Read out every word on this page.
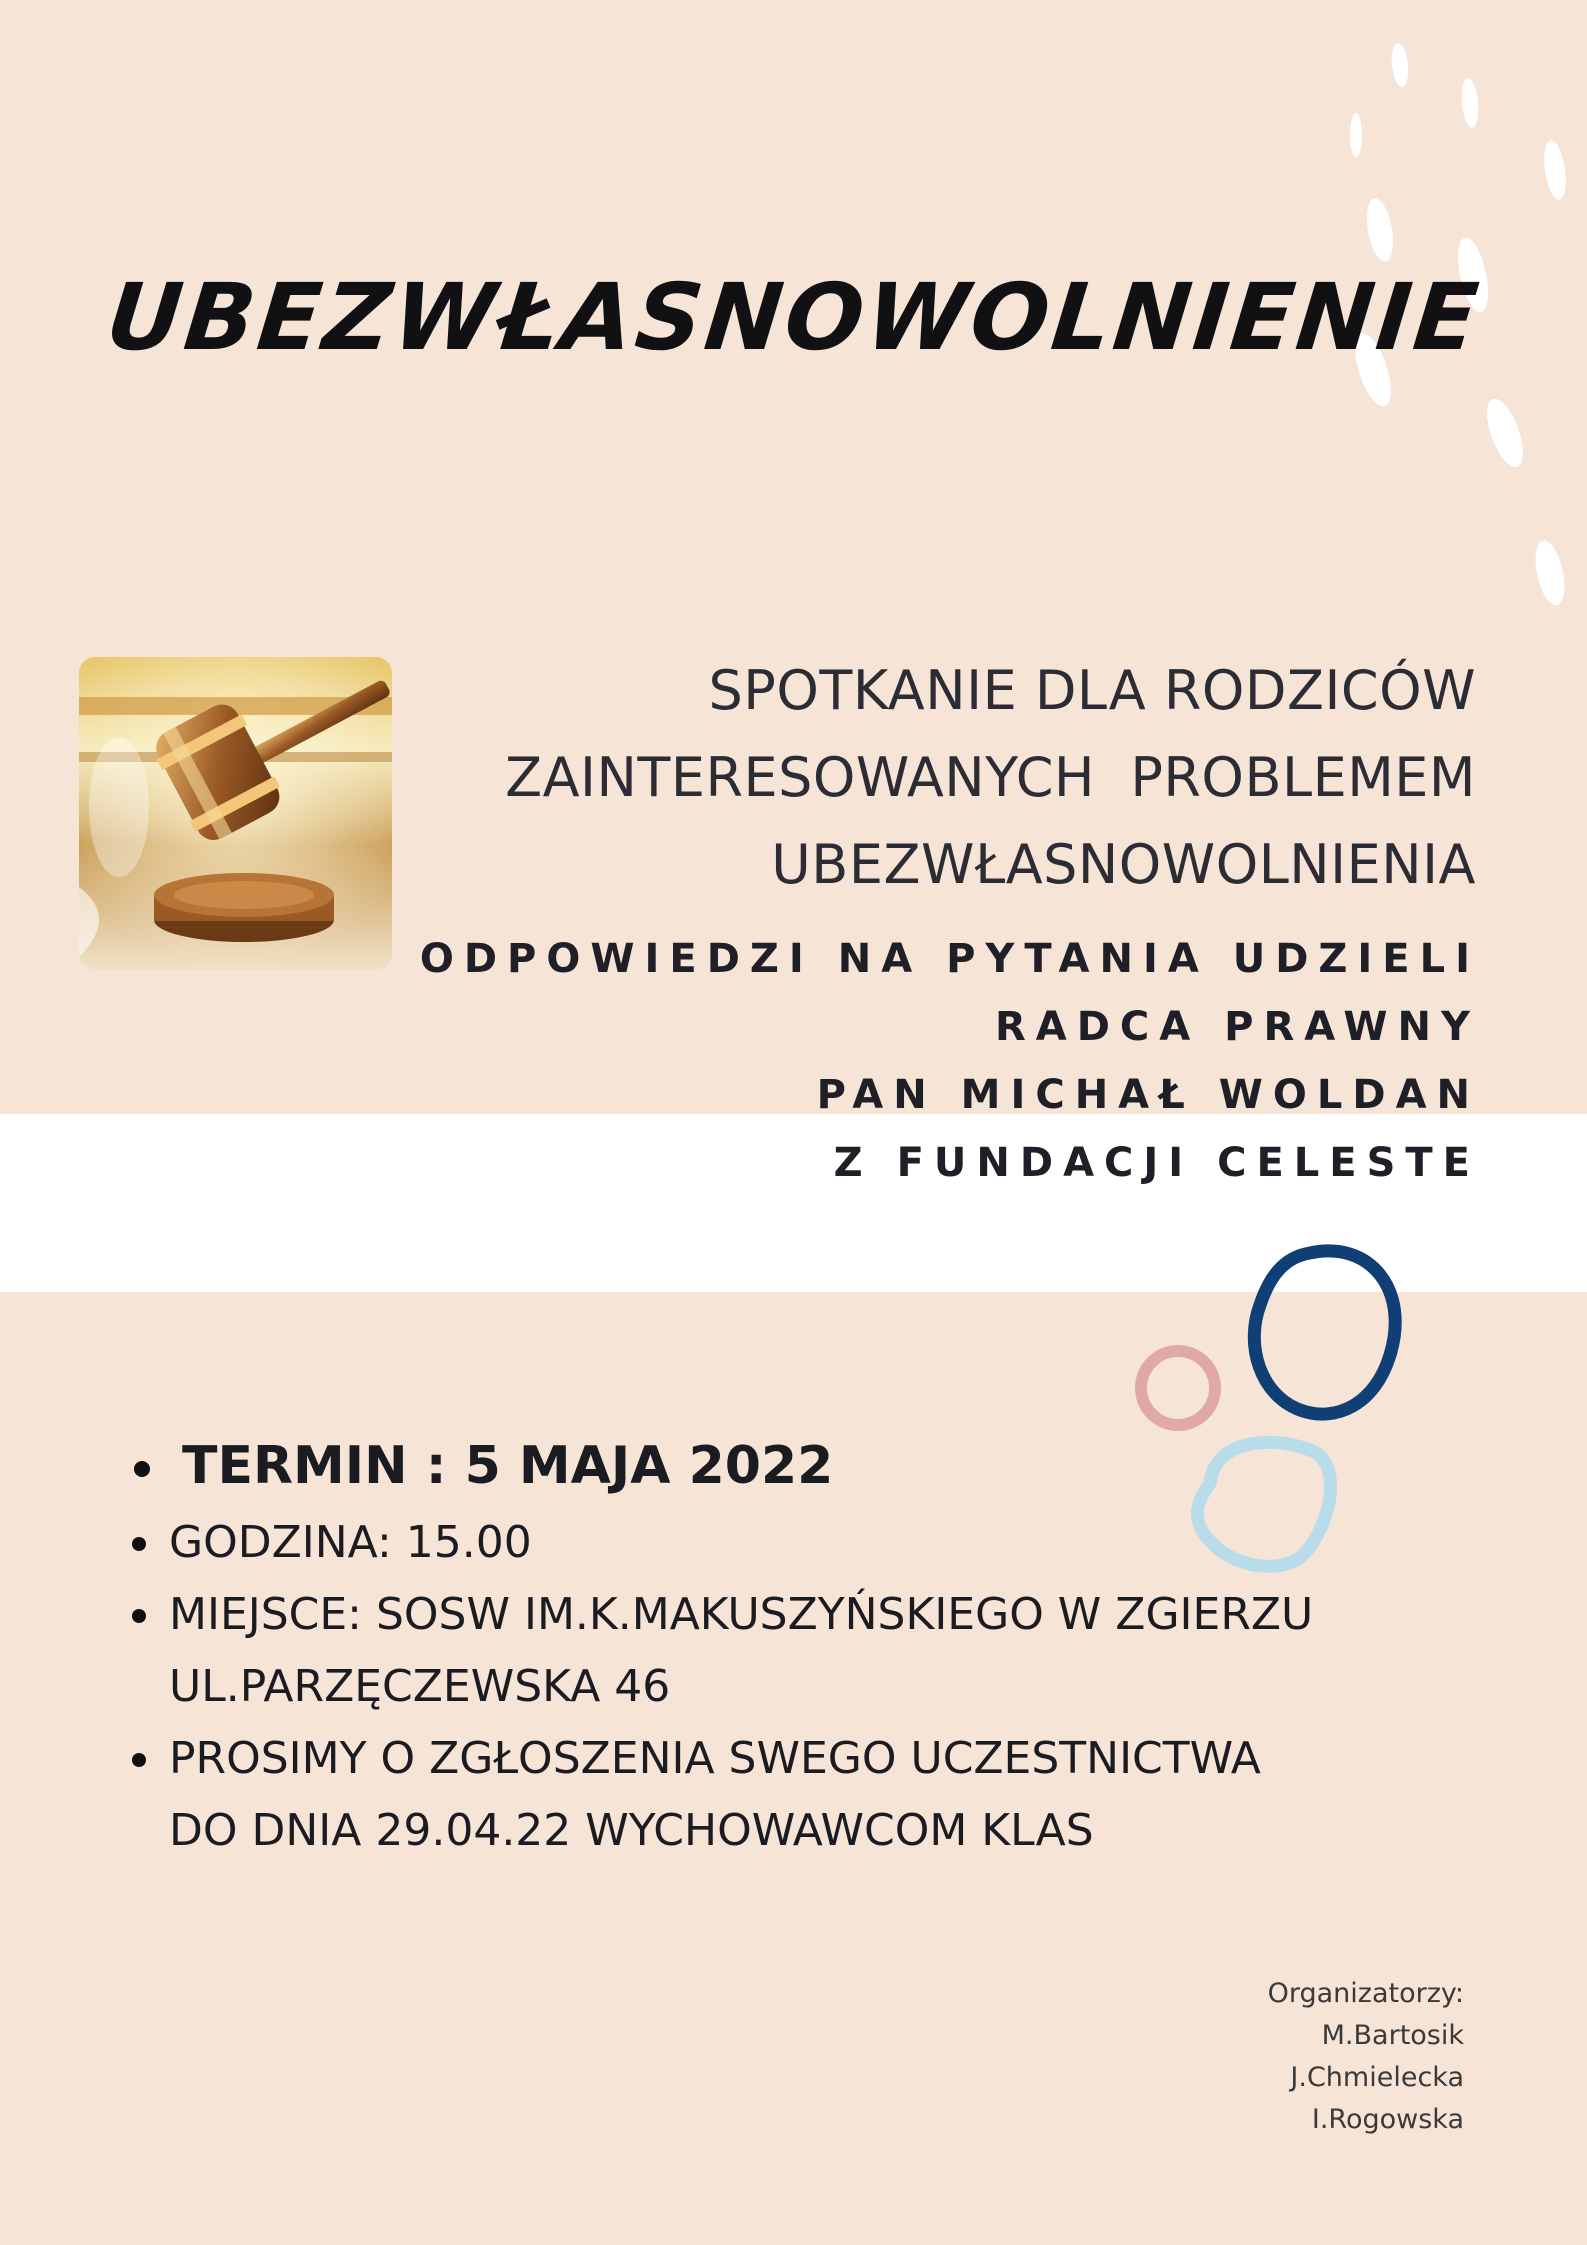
UBEZWŁASNOWOLNIENIE
SPOTKANIE DLA RODZICÓW
ZAINTERESOWANYCH  PROBLEMEM
UBEZWŁASNOWOLNIENIA
ODPOWIEDZI NA PYTANIA UDZIELI
RADCA PRAWNY
PAN MICHAŁ WOLDAN
Z FUNDACJI CELESTE
TERMIN : 5 MAJA 2022
GODZINA: 15.00
MIEJSCE: SOSW IM.K.MAKUSZYŃSKIEGO W ZGIERZU
UL.PARZĘCZEWSKA 46
PROSIMY O ZGŁOSZENIA SWEGO UCZESTNICTWA
DO DNIA 29.04.22 WYCHOWAWCOM KLAS
Organizatorzy:
M.Bartosik
J.Chmielecka
I.Rogowska
